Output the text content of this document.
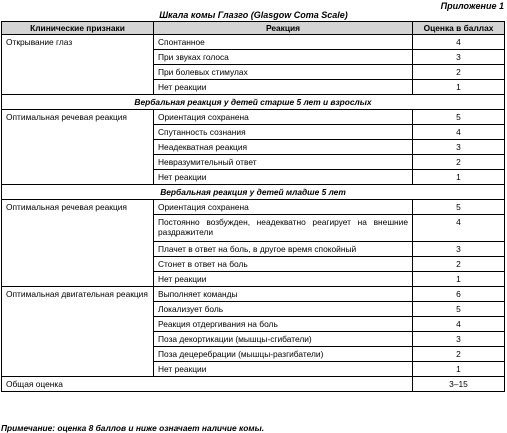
Приложение 1
Шкала комы Глазго (Glasgow Coma Scale)
Клинические признаки	Реакция	Оценка в баллах
Открывание глаз	Спонтанное	4
	При звуках голоса	3
	При болевых стимулах	2
	Нет реакции	1
Вербальная реакция у детей старше 5 лет и взрослых		
Оптимальная речевая реакция	Ориентация сохранена	5
	Спутанность сознания	4
	Неадекватная реакция	3
	Невразумительный ответ	2
	Нет реакции	1
Вербальная реакция у детей младше 5 лет		
Оптимальная речевая реакция	Ориентация сохранена	5
	Постоянно возбужден, неадекватно реагирует на внешние раздражители	4
	Плачет в ответ на боль, в другое время спокойный	3
	Стонет в ответ на боль	2
	Нет реакции	1
Оптимальная двигательная реакция	Выполняет команды	6
	Локализует боль	5
	Реакция отдергивания на боль	4
	Поза декортикации (мышцы-сгибатели)	3
	Поза децеребрации (мышцы-разгибатели)	2
	Нет реакции	1
Общая оценка		3–15
Примечание: оценка 8 баллов и ниже означает наличие комы.
